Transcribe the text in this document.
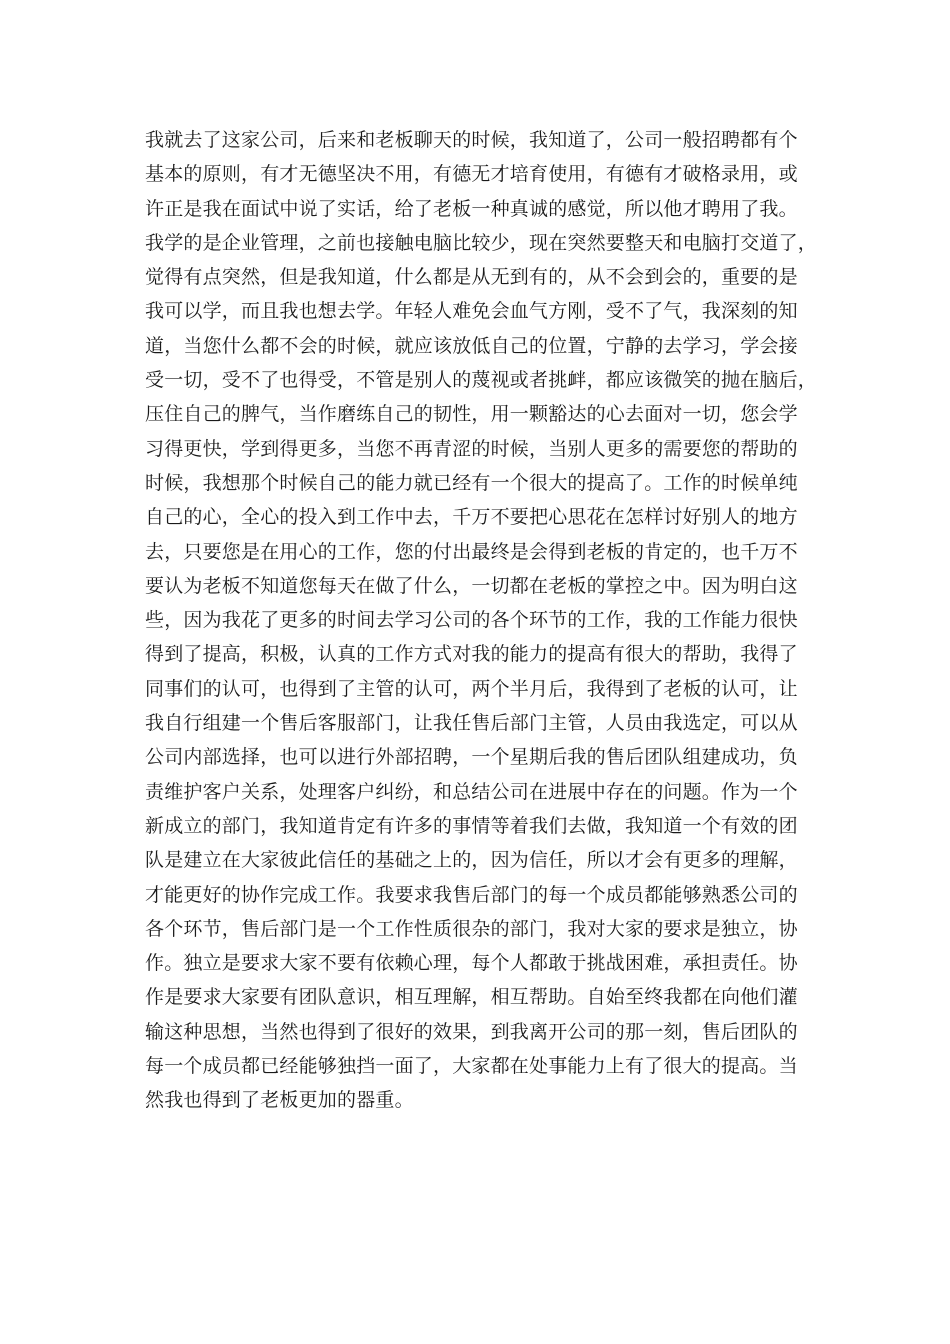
我就去了这家公司，后来和老板聊天的时候，我知道了，公司一般招聘都有个
基本的原则，有才无德坚决不用，有德无才培育使用，有德有才破格录用，或
许正是我在面试中说了实话，给了老板一种真诚的感觉，所以他才聘用了我。
我学的是企业管理，之前也接触电脑比较少，现在突然要整天和电脑打交道了，
觉得有点突然，但是我知道，什么都是从无到有的，从不会到会的，重要的是
我可以学，而且我也想去学。年轻人难免会血气方刚，受不了气，我深刻的知
道，当您什么都不会的时候，就应该放低自己的位置，宁静的去学习，学会接
受一切，受不了也得受，不管是别人的蔑视或者挑衅，都应该微笑的抛在脑后，
压住自己的脾气，当作磨练自己的韧性，用一颗豁达的心去面对一切，您会学
习得更快，学到得更多，当您不再青涩的时候，当别人更多的需要您的帮助的
时候，我想那个时候自己的能力就已经有一个很大的提高了。工作的时候单纯
自己的心，全心的投入到工作中去，千万不要把心思花在怎样讨好别人的地方
去，只要您是在用心的工作，您的付出最终是会得到老板的肯定的，也千万不
要认为老板不知道您每天在做了什么，一切都在老板的掌控之中。因为明白这
些，因为我花了更多的时间去学习公司的各个环节的工作，我的工作能力很快
得到了提高，积极，认真的工作方式对我的能力的提高有很大的帮助，我得了
同事们的认可，也得到了主管的认可，两个半月后，我得到了老板的认可，让
我自行组建一个售后客服部门，让我任售后部门主管，人员由我选定，可以从
公司内部选择，也可以进行外部招聘，一个星期后我的售后团队组建成功，负
责维护客户关系，处理客户纠纷，和总结公司在进展中存在的问题。作为一个
新成立的部门，我知道肯定有许多的事情等着我们去做，我知道一个有效的团
队是建立在大家彼此信任的基础之上的，因为信任，所以才会有更多的理解，
才能更好的协作完成工作。我要求我售后部门的每一个成员都能够熟悉公司的
各个环节，售后部门是一个工作性质很杂的部门，我对大家的要求是独立，协
作。独立是要求大家不要有依赖心理，每个人都敢于挑战困难，承担责任。协
作是要求大家要有团队意识，相互理解，相互帮助。自始至终我都在向他们灌
输这种思想，当然也得到了很好的效果，到我离开公司的那一刻，售后团队的
每一个成员都已经能够独挡一面了，大家都在处事能力上有了很大的提高。当
然我也得到了老板更加的器重。
